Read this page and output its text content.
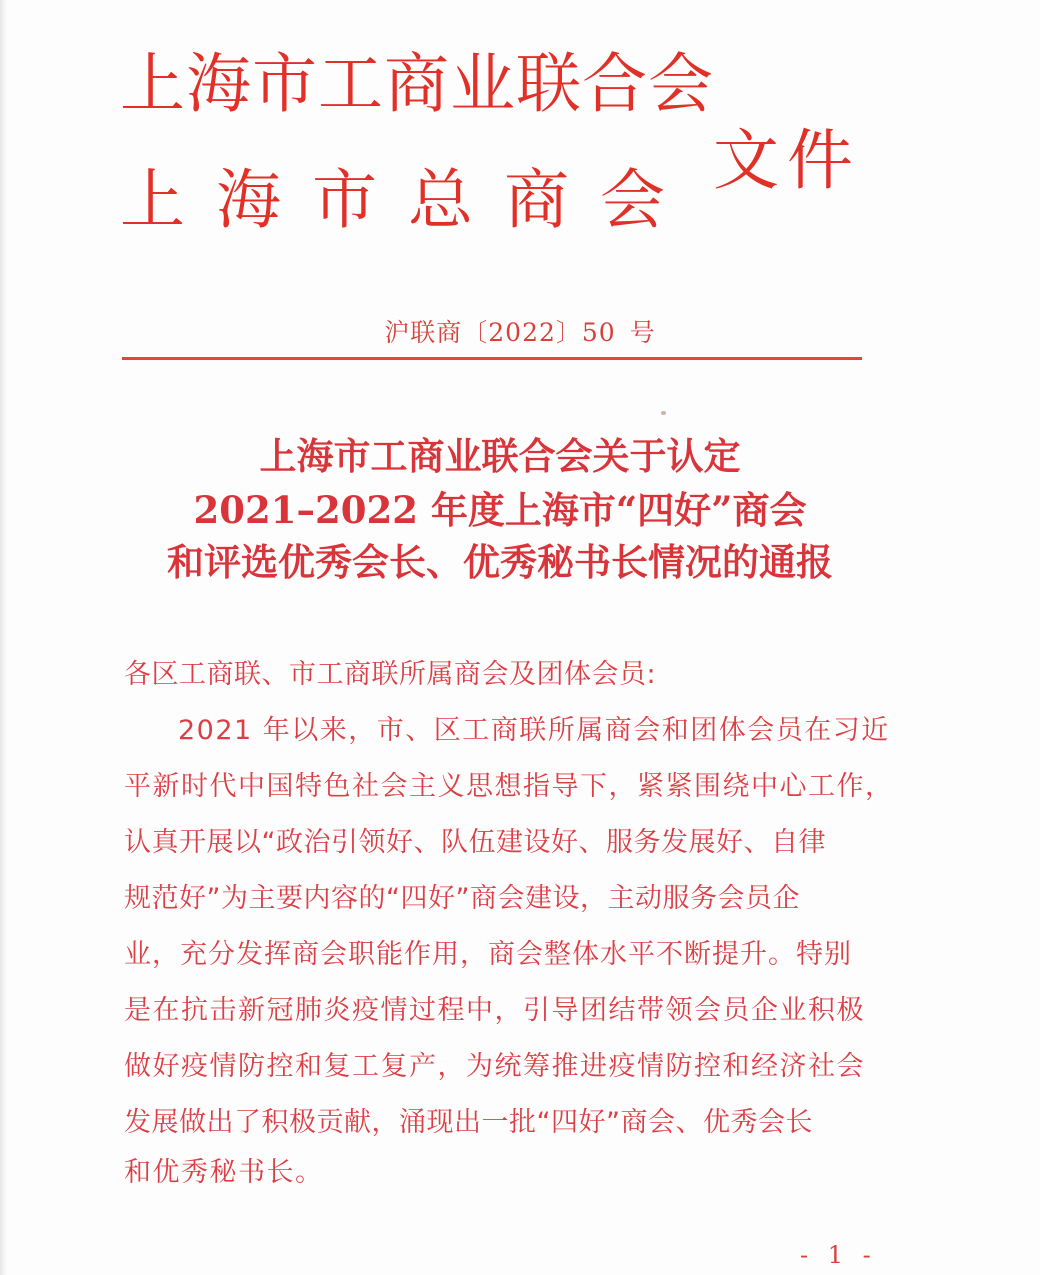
上海市工商业联合会
上 海 市 总 商 会
文件
沪联商〔2022〕50 号
上海市工商业联合会关于认定
2021–2022 年度上海市“四好”商会
和评选优秀会长、优秀秘书长情况的通报
各区工商联、市工商联所属商会及团体会员:
2021 年以来，市、区工商联所属商会和团体会员在习近
平新时代中国特色社会主义思想指导下，紧紧围绕中心工作，
认真开展以“政治引领好、队伍建设好、服务发展好、自律
规范好”为主要内容的“四好”商会建设，主动服务会员企
业，充分发挥商会职能作用，商会整体水平不断提升。特别
是在抗击新冠肺炎疫情过程中，引导团结带领会员企业积极
做好疫情防控和复工复产，为统筹推进疫情防控和经济社会
发展做出了积极贡献，涌现出一批“四好”商会、优秀会长
和优秀秘书长。
- 1 -
